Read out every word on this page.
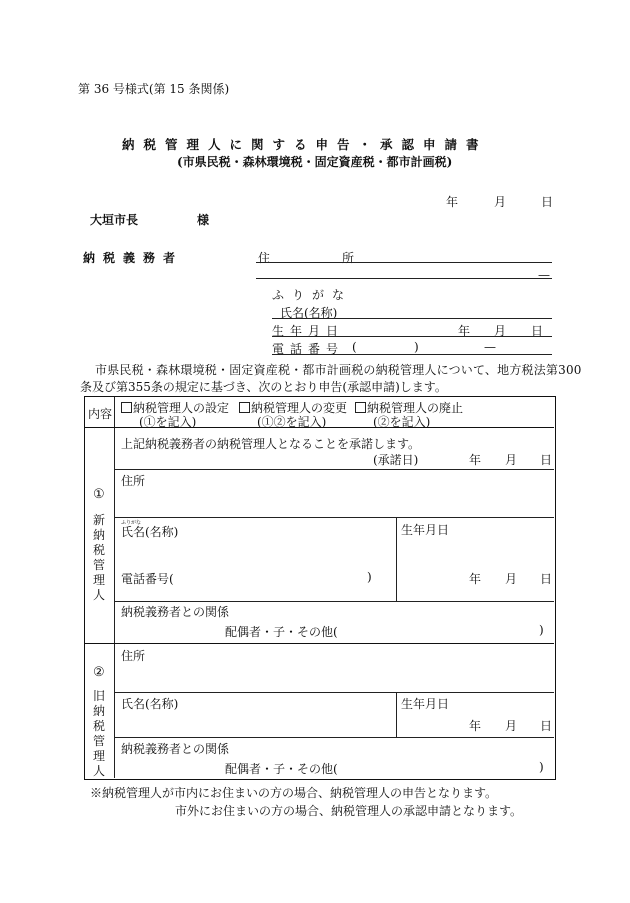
第 36 号様式(第 15 条関係)
納税管理人に関する申告・承認申請書
(市県民税・森林環境税・固定資産税・都市計画税)
年	月	日
大垣市長	様
納税義務者	住所
—
ふりがな
氏名(名称)
生年月日	年 月 日
電話番号 (	)	—
市県民税・森林環境税・固定資産税・都市計画税の納税管理人について、地方税法第300
条及び第355条の規定に基づき、次のとおり申告(承認申請)します。
内容	納税管理人の設定	納税管理人の変更	納税管理人の廃止
(①を記入)	(①②を記入)	(②を記入)
①
新納税管理人
上記納税義務者の納税管理人となることを承諾します。
(承諾日)	年 月 日
住所
ふりがな
氏名(名称)	生年月日
電話番号(	)	年 月 日
納税義務者との関係
配偶者・子・その他(	)
②
旧納税管理人
住所
氏名(名称)	生年月日
年 月 日
納税義務者との関係
配偶者・子・その他(	)
※納税管理人が市内にお住まいの方の場合、納税管理人の申告となります。
市外にお住まいの方の場合、納税管理人の承認申請となります。
